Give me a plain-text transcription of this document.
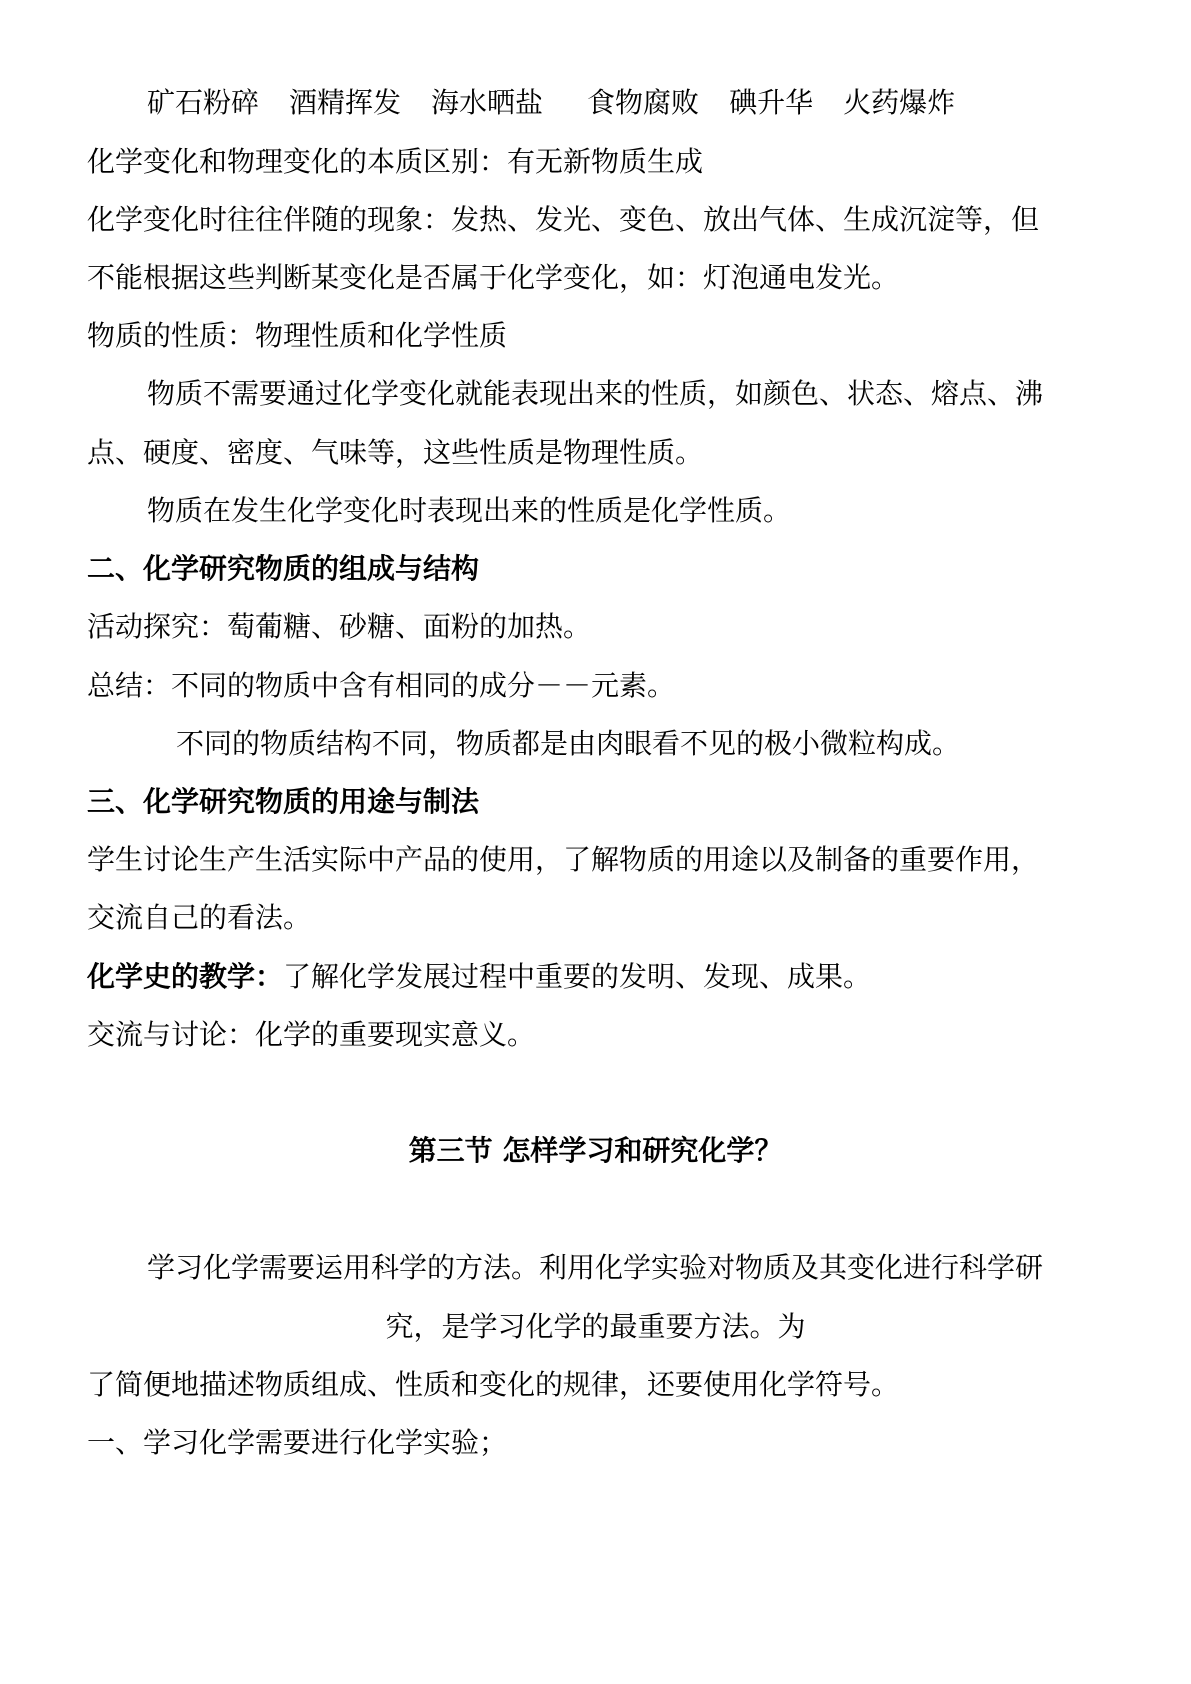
矿石粉碎 酒精挥发 海水晒盐 食物腐败 碘升华 火药爆炸

化学变化和物理变化的本质区别：有无新物质生成

化学变化时往往伴随的现象：发热、发光、变色、放出气体、生成沉淀等，但

不能根据这些判断某变化是否属于化学变化，如：灯泡通电发光。

物质的性质：物理性质和化学性质

物质不需要通过化学变化就能表现出来的性质，如颜色、状态、熔点、沸

点、硬度、密度、气味等，这些性质是物理性质。

物质在发生化学变化时表现出来的性质是化学性质。

二、化学研究物质的组成与结构

活动探究：萄葡糖、砂糖、面粉的加热。

总结：不同的物质中含有相同的成分－－元素。

不同的物质结构不同，物质都是由肉眼看不见的极小微粒构成。

三、化学研究物质的用途与制法

学生讨论生产生活实际中产品的使用，了解物质的用途以及制备的重要作用，

交流自己的看法。

化学史的教学：了解化学发展过程中重要的发明、发现、成果。

交流与讨论：化学的重要现实意义。

第三节 怎样学习和研究化学？

学习化学需要运用科学的方法。利用化学实验对物质及其变化进行科学研

究，是学习化学的最重要方法。为

了简便地描述物质组成、性质和变化的规律，还要使用化学符号。

一、学习化学需要进行化学实验；
